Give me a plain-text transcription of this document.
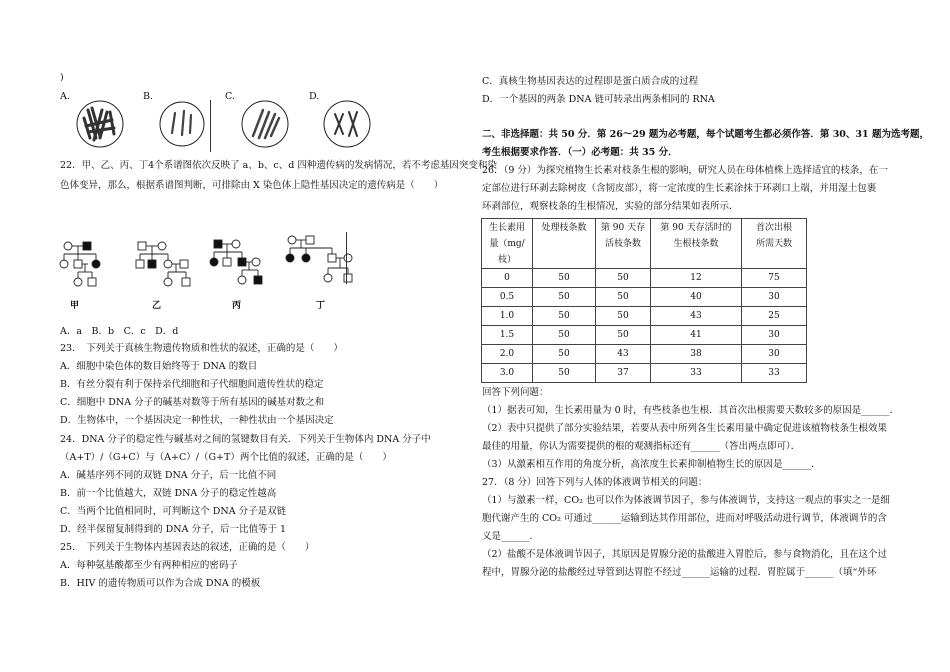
)
A.	B.	C.	D.
22．甲、乙、丙、丁4个系谱图依次反映了 a、b、c、d 四种遗传病的发病情况，若不考虑基因突变和染
色体变异，那么，根据系谱图判断，可排除由 X 染色体上隐性基因决定的遗传病是（　　）
甲	乙	丙	丁
A．a　B．b　C．c　D．d
23．　下列关于真核生物遗传物质和性状的叙述，正确的是（　　）
A．细胞中染色体的数目始终等于 DNA 的数目
B．有丝分裂有利于保持亲代细胞和子代细胞间遗传性状的稳定
C．细胞中 DNA 分子的碱基对数等于所有基因的碱基对数之和
D．生物体中，一个基因决定一种性状，一种性状由一个基因决定
24．DNA 分子的稳定性与碱基对之间的氢键数目有关．下列关于生物体内 DNA 分子中
（A+T）/（G+C）与（A+C）/（G+T）两个比值的叙述，正确的是（　　）
A．碱基序列不同的双链 DNA 分子，后一比值不同
B．前一个比值越大，双链 DNA 分子的稳定性越高
C．当两个比值相同时，可判断这个 DNA 分子是双链
D．经半保留复制得到的 DNA 分子，后一比值等于 1
25．　下列关于生物体内基因表达的叙述，正确的是（　　）
A．每种氨基酸都至少有两种相应的密码子
B．HIV 的遗传物质可以作为合成 DNA 的模板
C．真核生物基因表达的过程即是蛋白质合成的过程
D．一个基因的两条 DNA 链可转录出两条相同的 RNA
二、非选择题：共 50 分．第 26～29 题为必考题，每个试题考生都必须作答．第 30、31 题为选考题，
考生根据要求作答．（一）必考题：共 35 分．
26．（9 分）为探究植物生长素对枝条生根的影响，研究人员在母体植株上选择适宜的枝条，在一
定部位进行环剥去除树皮（含韧皮部），将一定浓度的生长素涂抹于环剥口上端，并用湿土包裹
环剥部位，观察枝条的生根情况，实验的部分结果如表所示．
生长素用
量（mg/
枝）	处理枝条数	第 90 天存
活枝条数	第 90 天存活时的
生根枝条数	首次出根
所需天数

0	50	50	12	75
0.5	50	50	40	30
1.0	50	50	43	25
1.5	50	50	41	30
2.0	50	43	38	30
3.0	50	37	33	33
回答下列问题：
（1）据表可知，生长素用量为 0 时，有些枝条也生根．其首次出根需要天数较多的原因是______．
（2）表中只提供了部分实验结果，若要从表中所列各生长素用量中确定促进该植物枝条生根效果
最佳的用量，你认为需要提供的根的观测指标还有______（答出两点即可）．
（3）从激素相互作用的角度分析，高浓度生长素抑制植物生长的原因是______．
27．（8 分）回答下列与人体的体液调节相关的问题：
（1）与激素一样，CO₂ 也可以作为体液调节因子，参与体液调节，支持这一观点的事实之一是细
胞代谢产生的 CO₂ 可通过______运输到达其作用部位，进而对呼吸活动进行调节，体液调节的含
义是______．
（2）盐酸不是体液调节因子，其原因是胃腺分泌的盐酸进入胃腔后，参与食物消化，且在这个过
程中，胃腺分泌的盐酸经过导管到达胃腔不经过______运输的过程．胃腔属于______（填“外环
